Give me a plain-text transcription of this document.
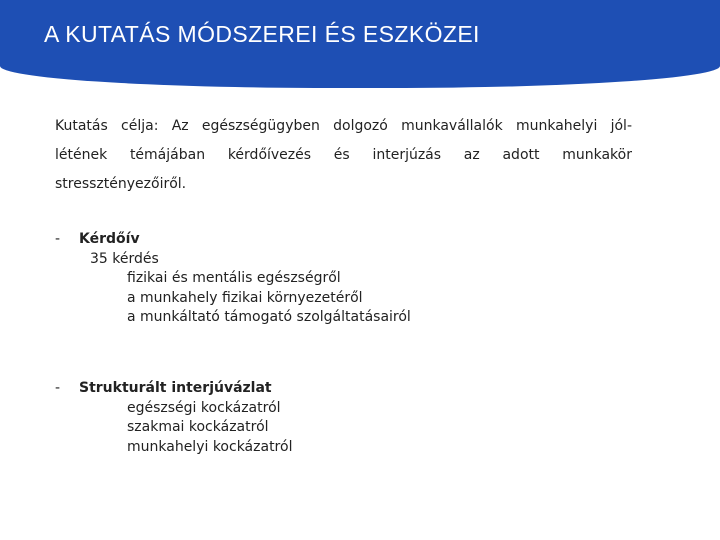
A KUTATÁS MÓDSZEREI ÉS ESZKÖZEI
Kutatás célja: Az egészségügyben dolgozó munkavállalók munkahelyi jól-
létének témájában kérdőívezés és interjúzás az adott munkakör
stressztényezőiről.
- Kérdőív
35 kérdés
fizikai és mentális egészségről
a munkahely fizikai környezetéről
a munkáltató támogató szolgáltatásairól
- Strukturált interjúvázlat
egészségi kockázatról
szakmai kockázatról
munkahelyi kockázatról
